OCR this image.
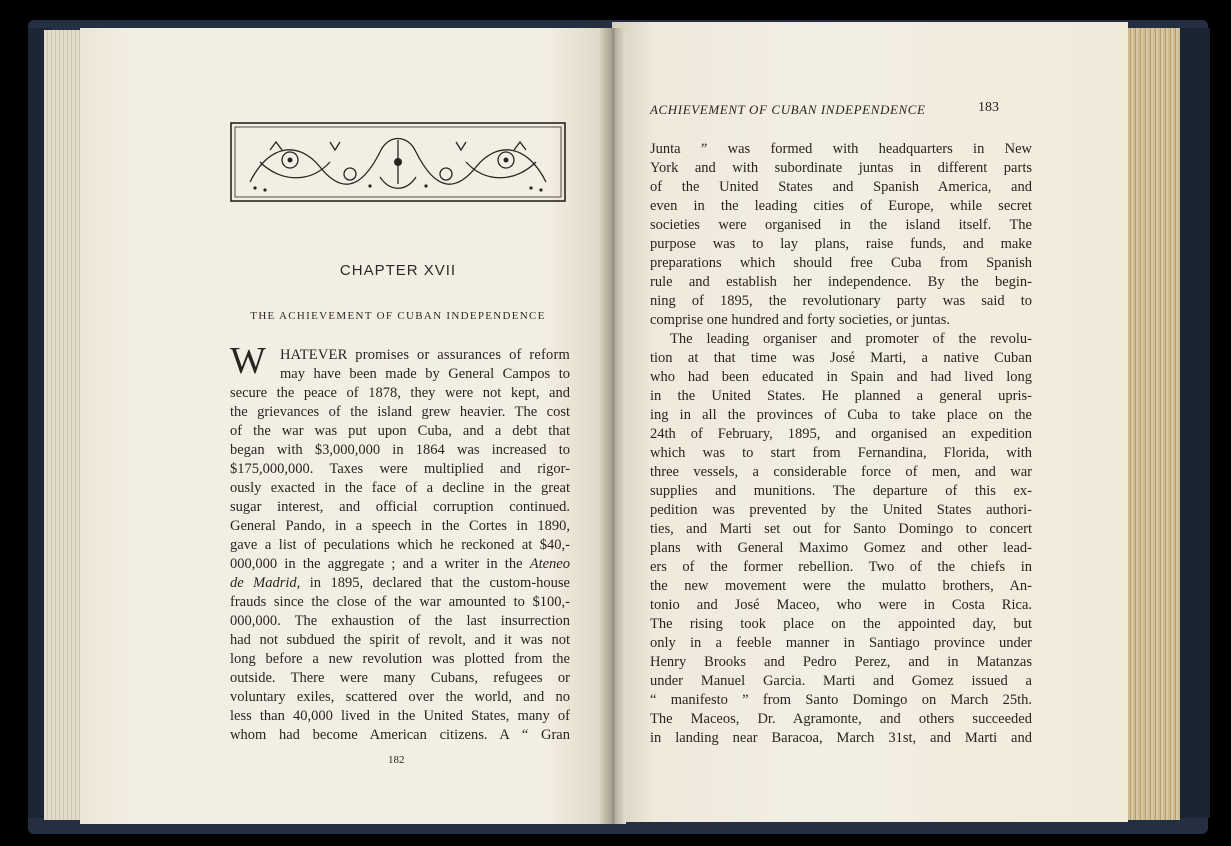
CHAPTER XVII
THE ACHIEVEMENT OF CUBAN INDEPENDENCE
W HATEVER promises or assurances of reform
may have been made by General Campos to
secure the peace of 1878, they were not kept, and
the grievances of the island grew heavier. The cost
of the war was put upon Cuba, and a debt that
began with $3,000,000 in 1864 was increased to
$175,000,000. Taxes were multiplied and rigor-
ously exacted in the face of a decline in the great
sugar interest, and official corruption continued.
General Pando, in a speech in the Cortes in 1890,
gave a list of peculations which he reckoned at $40,-
000,000 in the aggregate ; and a writer in the Ateneo
de Madrid, in 1895, declared that the custom-house
frauds since the close of the war amounted to $100,-
000,000. The exhaustion of the last insurrection
had not subdued the spirit of revolt, and it was not
long before a new revolution was plotted from the
outside. There were many Cubans, refugees or
voluntary exiles, scattered over the world, and no
less than 40,000 lived in the United States, many of
whom had become American citizens. A “ Gran
182
ACHIEVEMENT OF CUBAN INDEPENDENCE	183
Junta ” was formed with headquarters in New
York and with subordinate juntas in different parts
of the United States and Spanish America, and
even in the leading cities of Europe, while secret
societies were organised in the island itself. The
purpose was to lay plans, raise funds, and make
preparations which should free Cuba from Spanish
rule and establish her independence. By the begin-
ning of 1895, the revolutionary party was said to
comprise one hundred and forty societies, or juntas.
The leading organiser and promoter of the revolu-
tion at that time was José Marti, a native Cuban
who had been educated in Spain and had lived long
in the United States. He planned a general upris-
ing in all the provinces of Cuba to take place on the
24th of February, 1895, and organised an expedition
which was to start from Fernandina, Florida, with
three vessels, a considerable force of men, and war
supplies and munitions. The departure of this ex-
pedition was prevented by the United States authori-
ties, and Marti set out for Santo Domingo to concert
plans with General Maximo Gomez and other lead-
ers of the former rebellion. Two of the chiefs in
the new movement were the mulatto brothers, An-
tonio and José Maceo, who were in Costa Rica.
The rising took place on the appointed day, but
only in a feeble manner in Santiago province under
Henry Brooks and Pedro Perez, and in Matanzas
under Manuel Garcia. Marti and Gomez issued a
“ manifesto ” from Santo Domingo on March 25th.
The Maceos, Dr. Agramonte, and others succeeded
in landing near Baracoa, March 31st, and Marti and
